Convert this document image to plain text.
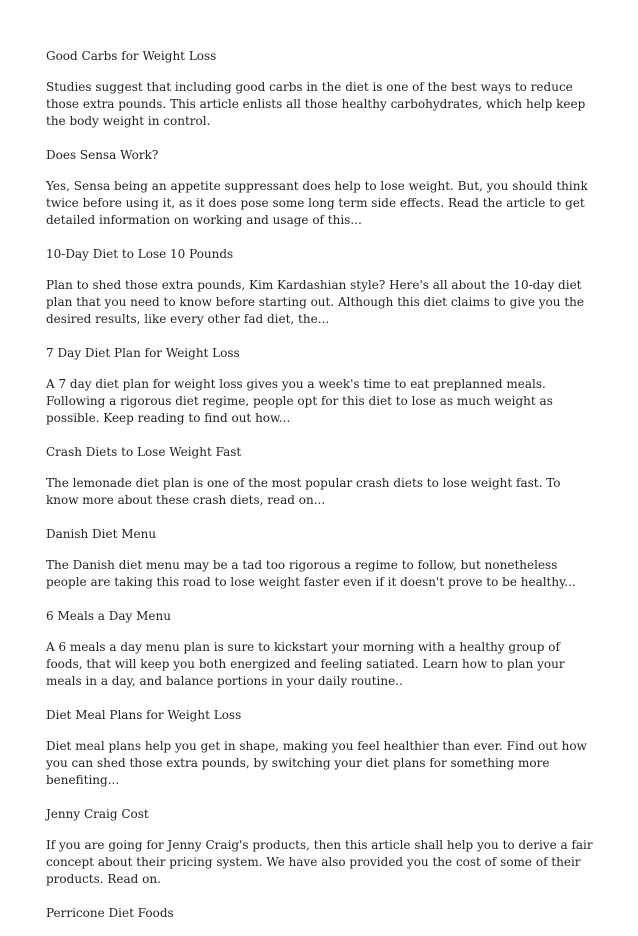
Good Carbs for Weight Loss

Studies suggest that including good carbs in the diet is one of the best ways to reduce those extra pounds. This article enlists all those healthy carbohydrates, which help keep the body weight in control.

Does Sensa Work?

Yes, Sensa being an appetite suppressant does help to lose weight. But, you should think twice before using it, as it does pose some long term side effects. Read the article to get detailed information on working and usage of this...

10-Day Diet to Lose 10 Pounds

Plan to shed those extra pounds, Kim Kardashian style? Here's all about the 10-day diet plan that you need to know before starting out. Although this diet claims to give you the desired results, like every other fad diet, the...

7 Day Diet Plan for Weight Loss

A 7 day diet plan for weight loss gives you a week's time to eat preplanned meals. Following a rigorous diet regime, people opt for this diet to lose as much weight as possible. Keep reading to find out how...

Crash Diets to Lose Weight Fast

The lemonade diet plan is one of the most popular crash diets to lose weight fast. To know more about these crash diets, read on...

Danish Diet Menu

The Danish diet menu may be a tad too rigorous a regime to follow, but nonetheless people are taking this road to lose weight faster even if it doesn't prove to be healthy...

6 Meals a Day Menu

A 6 meals a day menu plan is sure to kickstart your morning with a healthy group of foods, that will keep you both energized and feeling satiated. Learn how to plan your meals in a day, and balance portions in your daily routine..

Diet Meal Plans for Weight Loss

Diet meal plans help you get in shape, making you feel healthier than ever. Find out how you can shed those extra pounds, by switching your diet plans for something more benefiting...

Jenny Craig Cost

If you are going for Jenny Craig's products, then this article shall help you to derive a fair concept about their pricing system. We have also provided you the cost of some of their products. Read on.

Perricone Diet Foods
